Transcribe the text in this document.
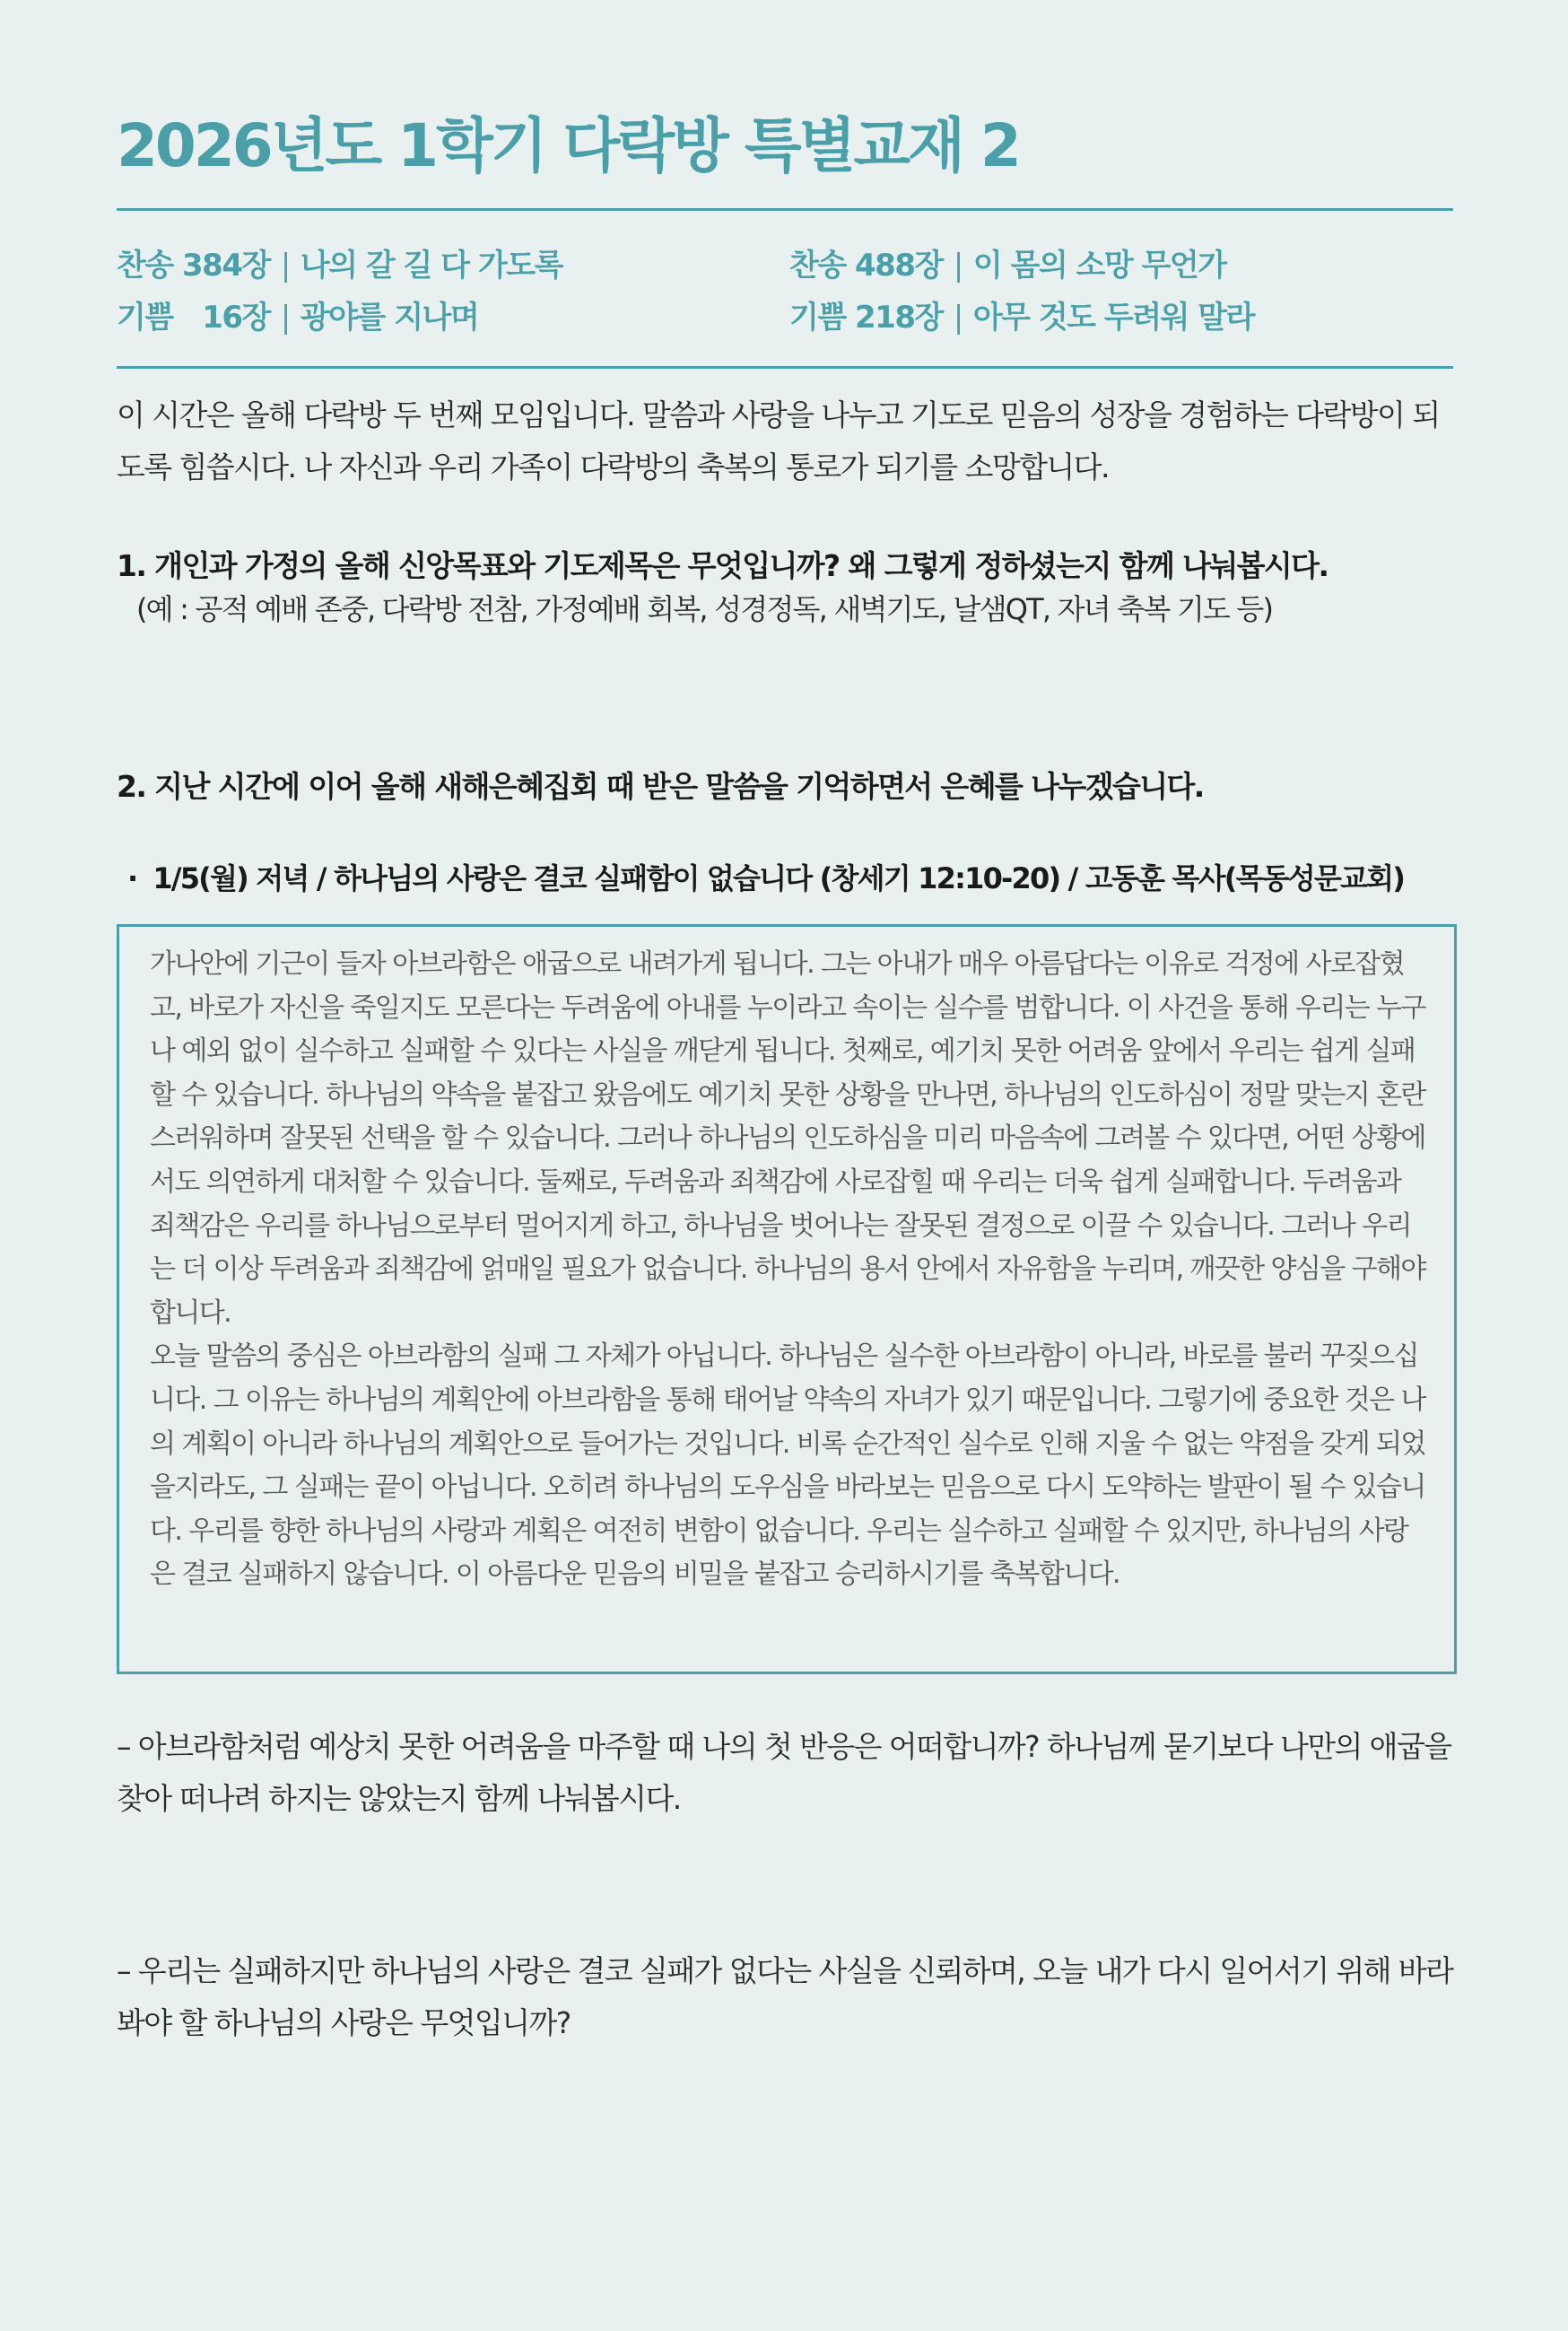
2026년도 1학기 다락방 특별교재 2
찬송 384장 | 나의 갈 길 다 가도록
기쁨　16장 | 광야를 지나며
찬송 488장 | 이 몸의 소망 무언가
기쁨 218장 | 아무 것도 두려워 말라

이 시간은 올해 다락방 두 번째 모임입니다. 말씀과 사랑을 나누고 기도로 믿음의 성장을 경험하는 다락방이 되도록 힘씁시다. 나 자신과 우리 가족이 다락방의 축복의 통로가 되기를 소망합니다.

1. 개인과 가정의 올해 신앙목표와 기도제목은 무엇입니까? 왜 그렇게 정하셨는지 함께 나눠봅시다.

(예 : 공적 예배 존중, 다락방 전참, 가정예배 회복, 성경정독, 새벽기도, 날샘QT, 자녀 축복 기도 등)

2. 지난 시간에 이어 올해 새해은혜집회 때 받은 말씀을 기억하면서 은혜를 나누겠습니다.

· 1/5(월) 저녁 / 하나님의 사랑은 결코 실패함이 없습니다 (창세기 12:10-20) / 고동훈 목사(목동성문교회)

가나안에 기근이 들자 아브라함은 애굽으로 내려가게 됩니다. 그는 아내가 매우 아름답다는 이유로 걱정에 사로잡혔고, 바로가 자신을 죽일지도 모른다는 두려움에 아내를 누이라고 속이는 실수를 범합니다. 이 사건을 통해 우리는 누구나 예외 없이 실수하고 실패할 수 있다는 사실을 깨닫게 됩니다. 첫째로, 예기치 못한 어려움 앞에서 우리는 쉽게 실패할 수 있습니다. 하나님의 약속을 붙잡고 왔음에도 예기치 못한 상황을 만나면, 하나님의 인도하심이 정말 맞는지 혼란스러워하며 잘못된 선택을 할 수 있습니다. 그러나 하나님의 인도하심을 미리 마음속에 그려볼 수 있다면, 어떤 상황에서도 의연하게 대처할 수 있습니다. 둘째로, 두려움과 죄책감에 사로잡힐 때 우리는 더욱 쉽게 실패합니다. 두려움과 죄책감은 우리를 하나님으로부터 멀어지게 하고, 하나님을 벗어나는 잘못된 결정으로 이끌 수 있습니다. 그러나 우리는 더 이상 두려움과 죄책감에 얽매일 필요가 없습니다. 하나님의 용서 안에서 자유함을 누리며, 깨끗한 양심을 구해야 합니다.

오늘 말씀의 중심은 아브라함의 실패 그 자체가 아닙니다. 하나님은 실수한 아브라함이 아니라, 바로를 불러 꾸짖으십니다. 그 이유는 하나님의 계획안에 아브라함을 통해 태어날 약속의 자녀가 있기 때문입니다. 그렇기에 중요한 것은 나의 계획이 아니라 하나님의 계획안으로 들어가는 것입니다. 비록 순간적인 실수로 인해 지울 수 없는 약점을 갖게 되었을지라도, 그 실패는 끝이 아닙니다. 오히려 하나님의 도우심을 바라보는 믿음으로 다시 도약하는 발판이 될 수 있습니다. 우리를 향한 하나님의 사랑과 계획은 여전히 변함이 없습니다. 우리는 실수하고 실패할 수 있지만, 하나님의 사랑은 결코 실패하지 않습니다. 이 아름다운 믿음의 비밀을 붙잡고 승리하시기를 축복합니다.

– 아브라함처럼 예상치 못한 어려움을 마주할 때 나의 첫 반응은 어떠합니까? 하나님께 묻기보다 나만의 애굽을 찾아 떠나려 하지는 않았는지 함께 나눠봅시다.

– 우리는 실패하지만 하나님의 사랑은 결코 실패가 없다는 사실을 신뢰하며, 오늘 내가 다시 일어서기 위해 바라봐야 할 하나님의 사랑은 무엇입니까?
